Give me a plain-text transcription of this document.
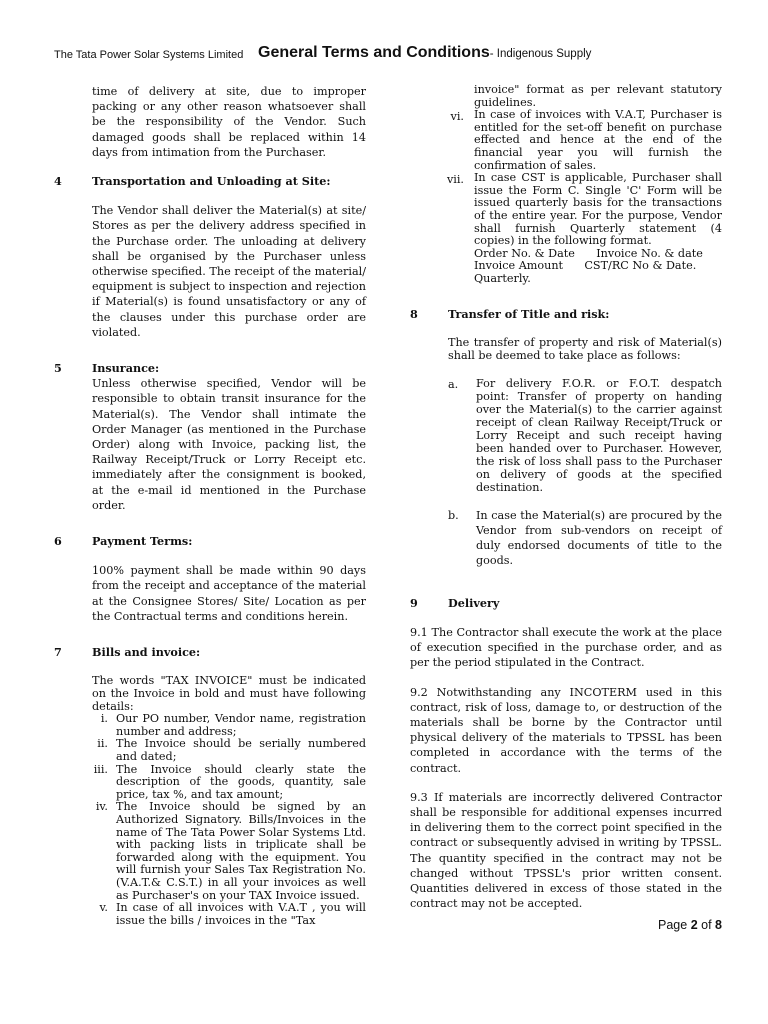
The Tata Power Solar Systems Limited General Terms and Conditions- Indigenous Supply
time of delivery at site, due to improper packing or any other reason whatsoever shall be the responsibility of the Vendor. Such damaged goods shall be replaced within 14 days from intimation from the Purchaser.
4	Transportation and Unloading at Site:
The Vendor shall deliver the Material(s) at site/ Stores as per the delivery address specified in the Purchase order. The unloading at delivery shall be organised by the Purchaser unless otherwise specified. The receipt of the material/ equipment is subject to inspection and rejection if Material(s) is found unsatisfactory or any of the clauses under this purchase order are violated.
5	Insurance:
Unless otherwise specified, Vendor will be responsible to obtain transit insurance for the Material(s). The Vendor shall intimate the Order Manager (as mentioned in the Purchase Order) along with Invoice, packing list, the Railway Receipt/Truck or Lorry Receipt etc. immediately after the consignment is booked, at the e-mail id mentioned in the Purchase order.
6	Payment Terms:
100% payment shall be made within 90 days from the receipt and acceptance of the material at the Consignee Stores/ Site/ Location as per the Contractual terms and conditions herein.
7	Bills and invoice:
The words "TAX INVOICE" must be indicated on the Invoice in bold and must have following details:
i. Our PO number, Vendor name, registration number and address;
ii. The Invoice should be serially numbered and dated;
iii. The Invoice should clearly state the description of the goods, quantity, sale price, tax %, and tax amount;
iv. The Invoice should be signed by an Authorized Signatory. Bills/Invoices in the name of The Tata Power Solar Systems Ltd. with packing lists in triplicate shall be forwarded along with the equipment. You will furnish your Sales Tax Registration No. (V.A.T.& C.S.T.) in all your invoices as well as Purchaser's on your TAX Invoice issued.
v. In case of all invoices with V.A.T , you will issue the bills / invoices in the "Tax
invoice" format as per relevant statutory guidelines.
vi. In case of invoices with V.A.T, Purchaser is entitled for the set-off benefit on purchase effected and hence at the end of the financial year you will furnish the confirmation of sales.
vii. In case CST is applicable, Purchaser shall issue the Form C. Single 'C' Form will be issued quarterly basis for the transactions of the entire year. For the purpose, Vendor shall furnish Quarterly statement (4 copies) in the following format.
Order No. & Date      Invoice No. & date
Invoice Amount      CST/RC No & Date.
Quarterly.
8	Transfer of Title and risk:
The transfer of property and risk of Material(s) shall be deemed to take place as follows:
a.	For delivery F.O.R. or F.O.T. despatch point: Transfer of property on handing over the Material(s) to the carrier against receipt of clean Railway Receipt/Truck or Lorry Receipt and such receipt having been handed over to Purchaser. However, the risk of loss shall pass to the Purchaser on delivery of goods at the specified destination.
b.	In case the Material(s) are procured by the Vendor from sub-vendors on receipt of duly endorsed documents of title to the goods.
9	Delivery
9.1 The Contractor shall execute the work at the place of execution specified in the purchase order, and as per the period stipulated in the Contract.
9.2 Notwithstanding any INCOTERM used in this contract, risk of loss, damage to, or destruction of the materials shall be borne by the Contractor until physical delivery of the materials to TPSSL has been completed in accordance with the terms of the contract.
9.3 If materials are incorrectly delivered Contractor shall be responsible for additional expenses incurred in delivering them to the correct point specified in the contract or subsequently advised in writing by TPSSL. The quantity specified in the contract may not be changed without TPSSL's prior written consent. Quantities delivered in excess of those stated in the contract may not be accepted.
Page 2 of 8
